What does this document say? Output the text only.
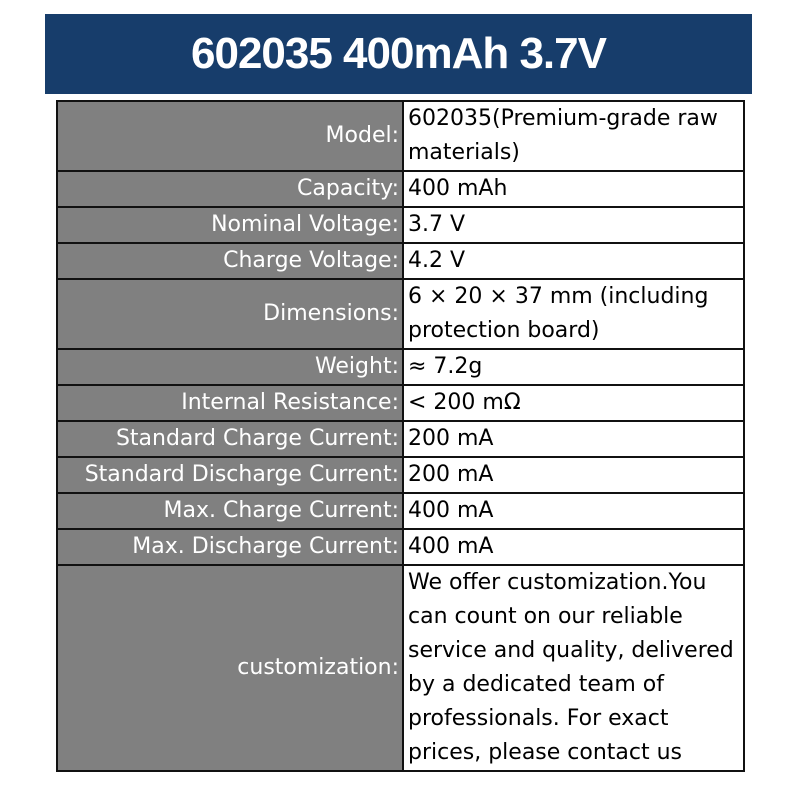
602035 400mAh 3.7V
Model:	602035(Premium-grade raw materials)
Capacity:	400 mAh
Nominal Voltage:	3.7 V
Charge Voltage:	4.2 V
Dimensions:	6 × 20 × 37 mm (including protection board)
Weight:	≈ 7.2g
Internal Resistance:	< 200 mΩ
Standard Charge Current:	200 mA
Standard Discharge Current:	200 mA
Max. Charge Current:	400 mA
Max. Discharge Current:	400 mA
customization:	We offer customization.You can count on our reliable service and quality, delivered by a dedicated team of professionals. For exact prices, please contact us
